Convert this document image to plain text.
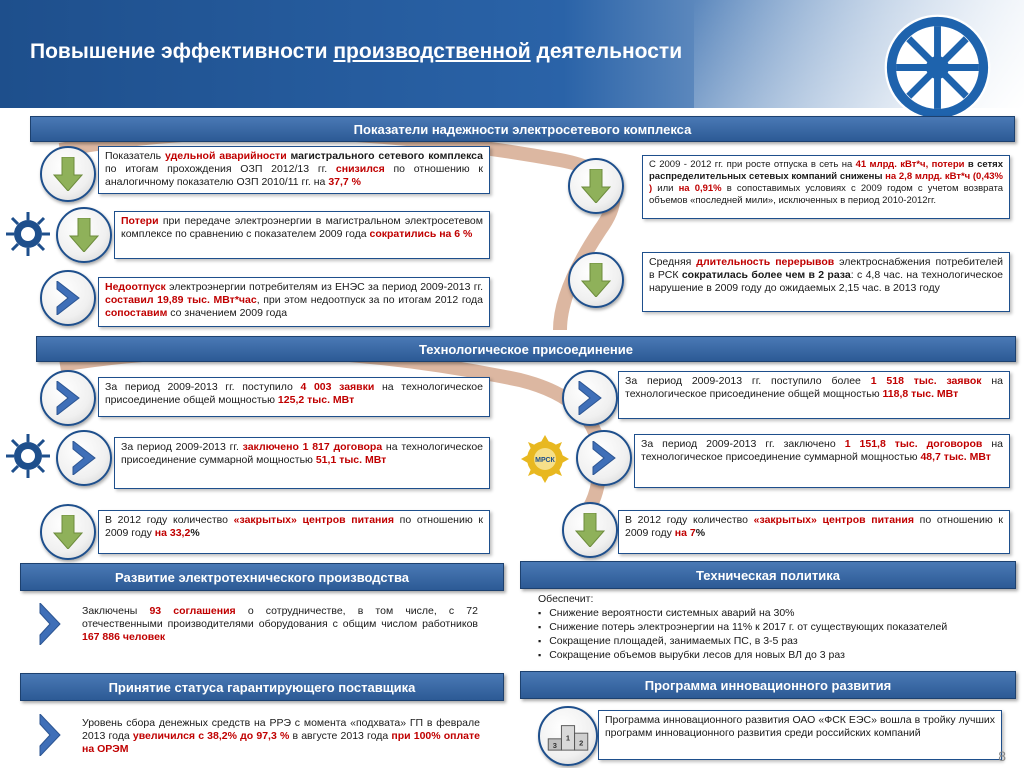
Повышение эффективности производственной деятельности
Показатели надежности электросетевого комплекса
Показатель удельной аварийности магистрального сетевого комплекса по итогам прохождения ОЗП 2012/13 гг. снизился по отношению к аналогичному показателю ОЗП 2010/11 гг. на 37,7 %
Потери при передаче электроэнергии в магистральном электросетевом комплексе по сравнению с показателем 2009 года сократились на 6 %
Недоотпуск электроэнергии потребителям из ЕНЭС за период 2009-2013 гг. составил 19,89 тыс. МВт*час, при этом недоотпуск за по итогам 2012 года сопоставим со значением 2009 года
С 2009 - 2012 гг. при росте отпуска в сеть на 41 млрд. кВт*ч, потери в сетях распределительных сетевых компаний снижены на 2,8 млрд. кВт*ч (0,43% ) или на 0,91% в сопоставимых условиях с 2009 годом с учетом возврата объемов «последней мили», исключенных в период 2010-2012гг.
Средняя длительность перерывов электроснабжения потребителей в РСК сократилась более чем в 2 раза: с 4,8 час. на технологическое нарушение в 2009 году до ожидаемых 2,15 час. в 2013 году
Технологическое присоединение
За период 2009-2013 гг. поступило 4 003 заявки на технологическое присоединение общей мощностью 125,2 тыс. МВт
За период 2009-2013 гг. заключено 1 817 договора на технологическое присоединение суммарной мощностью 51,1 тыс. МВт
В 2012 году количество «закрытых» центров питания по отношению к 2009 году на 33,2%
За период 2009-2013 гг. поступило более 1 518 тыс. заявок на технологическое присоединение общей мощностью 118,8 тыс. МВт
МРСК
За период 2009-2013 гг. заключено 1 151,8 тыс. договоров на технологическое присоединение суммарной мощностью 48,7 тыс. МВт
В 2012 году количество «закрытых» центров питания по отношению к 2009 году на 7%
Развитие электротехнического производства
Заключены 93 соглашения о сотрудничестве, в том числе, с 72 отечественными производителями оборудования с общим числом работников 167 886 человек
Техническая политика
Обеспечит:
▪ Снижение вероятности системных аварий на 30%
▪ Снижение потерь электроэнергии на 11% к 2017 г. от существующих показателей
▪ Сокращение площадей, занимаемых ПС, в 3-5 раз
▪ Сокращение объемов вырубки лесов для новых ВЛ до 3 раз
Принятие статуса гарантирующего поставщика
Уровень сбора денежных средств на РРЭ с момента «подхвата» ГП в феврале 2013 года увеличился с 38,2% до 97,3 % в августе 2013 года при 100% оплате на ОРЭМ
Программа инновационного развития
1
2
3
Программа инновационного развития ОАО «ФСК ЕЭС» вошла в тройку лучших программ инновационного развития среди российских компаний
8
